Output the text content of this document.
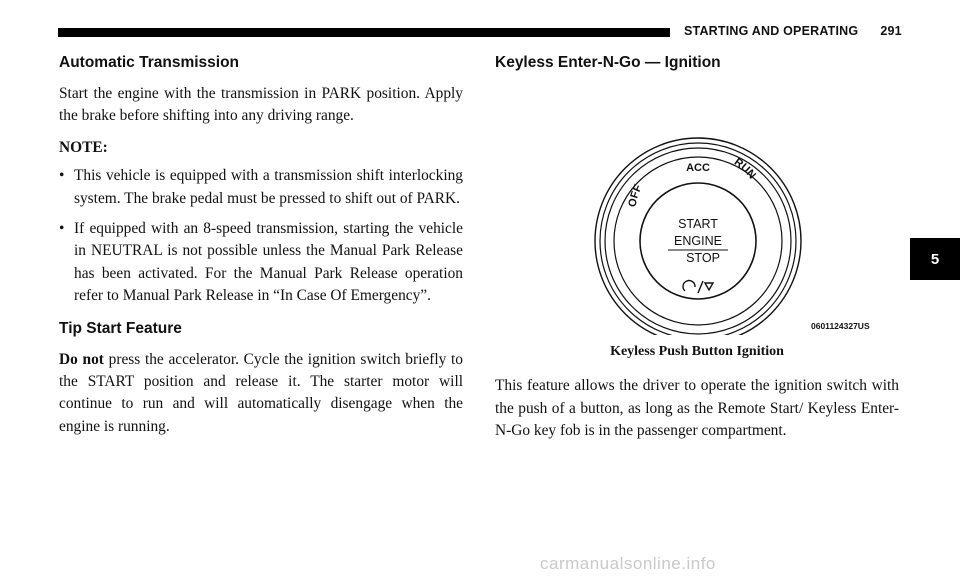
STARTING AND OPERATING 291
5
Automatic Transmission

Start the engine with the transmission in PARK position. Apply the brake before shifting into any driving range.

NOTE:

• This vehicle is equipped with a transmission shift interlocking system. The brake pedal must be pressed to shift out of PARK.
• If equipped with an 8-speed transmission, starting the vehicle in NEUTRAL is not possible unless the Manual Park Release has been activated. For the Manual Park Release operation refer to Manual Park Release in “In Case Of Emergency”.
Tip Start Feature

Do not press the accelerator. Cycle the ignition switch briefly to the START position and release it. The starter motor will continue to run and will automatically disengage when the engine is running.

Keyless Enter-N-Go — Ignition
ACC
OFF
RUN
START
ENGINE
STOP
0601124327US

Keyless Push Button Ignition

This feature allows the driver to operate the ignition switch with the push of a button, as long as the Remote Start/ Keyless Enter-N-Go key fob is in the passenger compartment.

carmanualsonline.info
